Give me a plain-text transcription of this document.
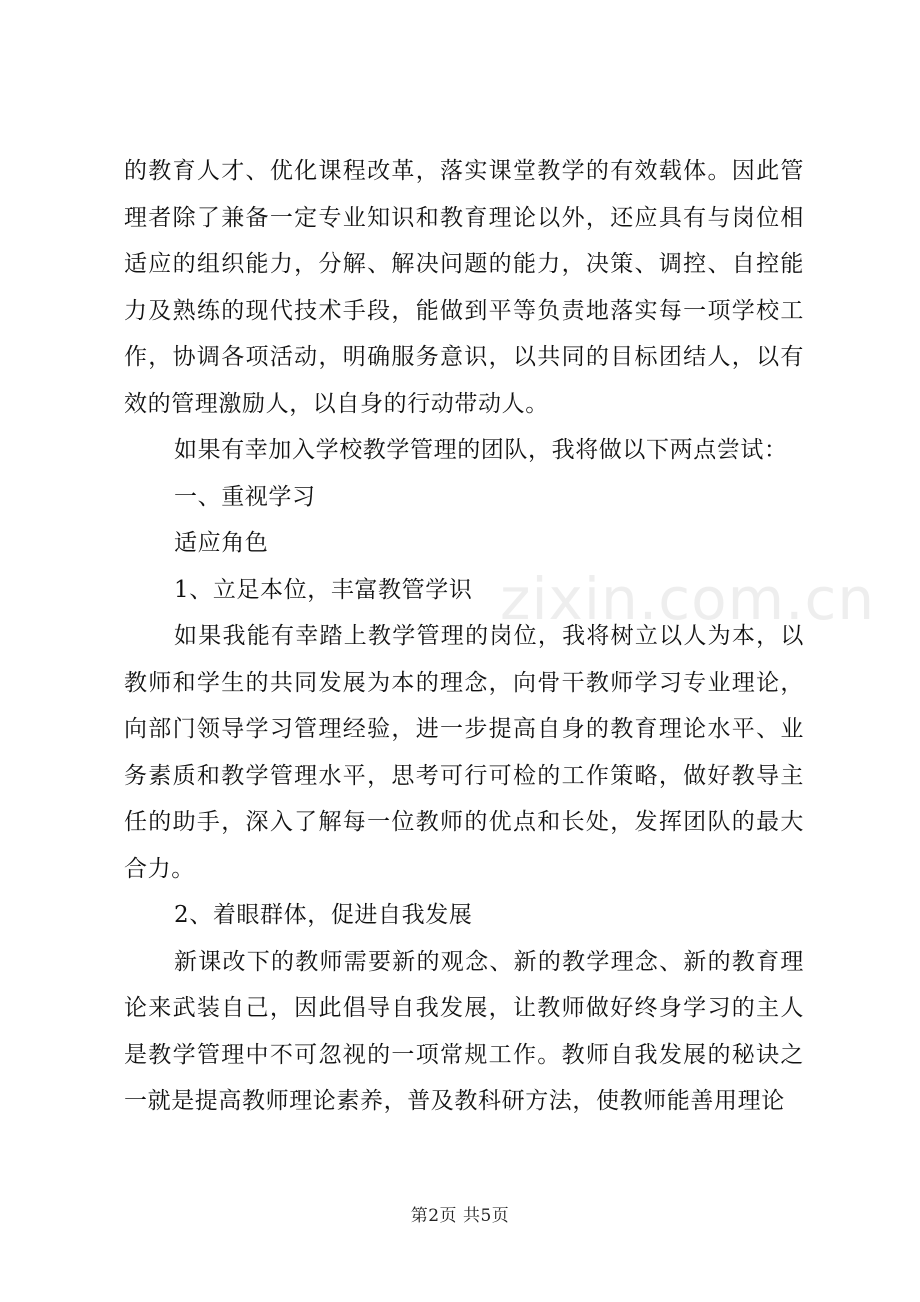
zixin.com.cn

的教育人才、优化课程改革，落实课堂教学的有效载体。因此管理者除了兼备一定专业知识和教育理论以外，还应具有与岗位相适应的组织能力，分解、解决问题的能力，决策、调控、自控能力及熟练的现代技术手段，能做到平等负责地落实每一项学校工作，协调各项活动，明确服务意识，以共同的目标团结人，以有效的管理激励人，以自身的行动带动人。

如果有幸加入学校教学管理的团队，我将做以下两点尝试：

一、重视学习

适应角色

1、立足本位，丰富教管学识

如果我能有幸踏上教学管理的岗位，我将树立以人为本，以教师和学生的共同发展为本的理念，向骨干教师学习专业理论，向部门领导学习管理经验，进一步提高自身的教育理论水平、业务素质和教学管理水平，思考可行可检的工作策略，做好教导主任的助手，深入了解每一位教师的优点和长处，发挥团队的最大合力。

2、着眼群体，促进自我发展

新课改下的教师需要新的观念、新的教学理念、新的教育理论来武装自己，因此倡导自我发展，让教师做好终身学习的主人是教学管理中不可忽视的一项常规工作。教师自我发展的秘诀之一就是提高教师理论素养，普及教科研方法，使教师能善用理论

第2页 共5页
